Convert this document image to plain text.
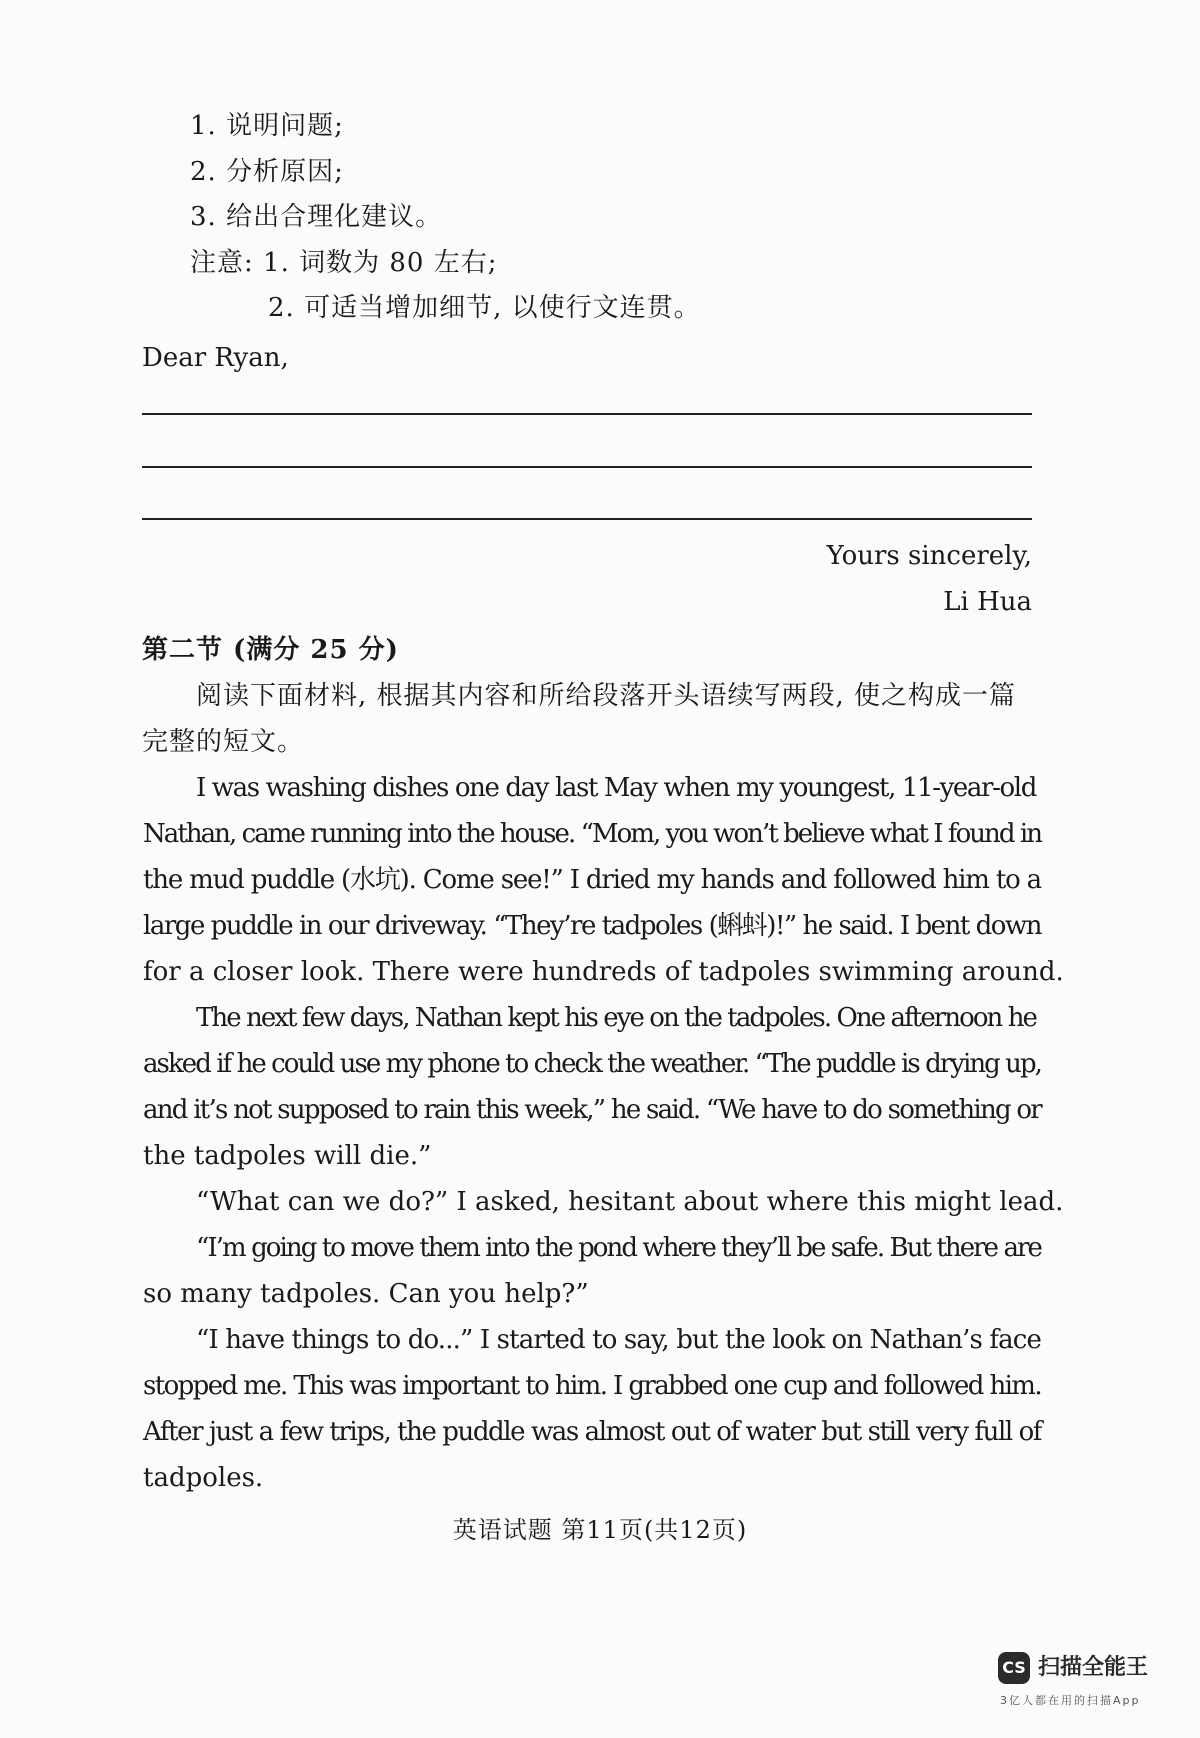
1. 说明问题;
2. 分析原因;
3. 给出合理化建议。
注意: 1. 词数为 80 左右;
2. 可适当增加细节, 以使行文连贯。
Dear Ryan,
Yours sincerely,
Li Hua
第二节 (满分 25 分)
阅读下面材料, 根据其内容和所给段落开头语续写两段, 使之构成一篇
完整的短文。
I was washing dishes one day last May when my youngest, 11-year-old
Nathan, came running into the house. “Mom, you won’t believe what I found in
the mud puddle (水坑). Come see!” I dried my hands and followed him to a
large puddle in our driveway. “They’re tadpoles (蝌蚪)!” he said. I bent down
for a closer look. There were hundreds of tadpoles swimming around.
The next few days, Nathan kept his eye on the tadpoles. One afternoon he
asked if he could use my phone to check the weather. “The puddle is drying up,
and it’s not supposed to rain this week,” he said. “We have to do something or
the tadpoles will die.”
“What can we do?” I asked, hesitant about where this might lead.
“I’m going to move them into the pond where they’ll be safe. But there are
so many tadpoles. Can you help?”
“I have things to do...” I started to say, but the look on Nathan’s face
stopped me. This was important to him. I grabbed one cup and followed him.
After just a few trips, the puddle was almost out of water but still very full of
tadpoles.
英语试题 第11页(共12页)
CS 扫描全能王
3亿人都在用的扫描App
